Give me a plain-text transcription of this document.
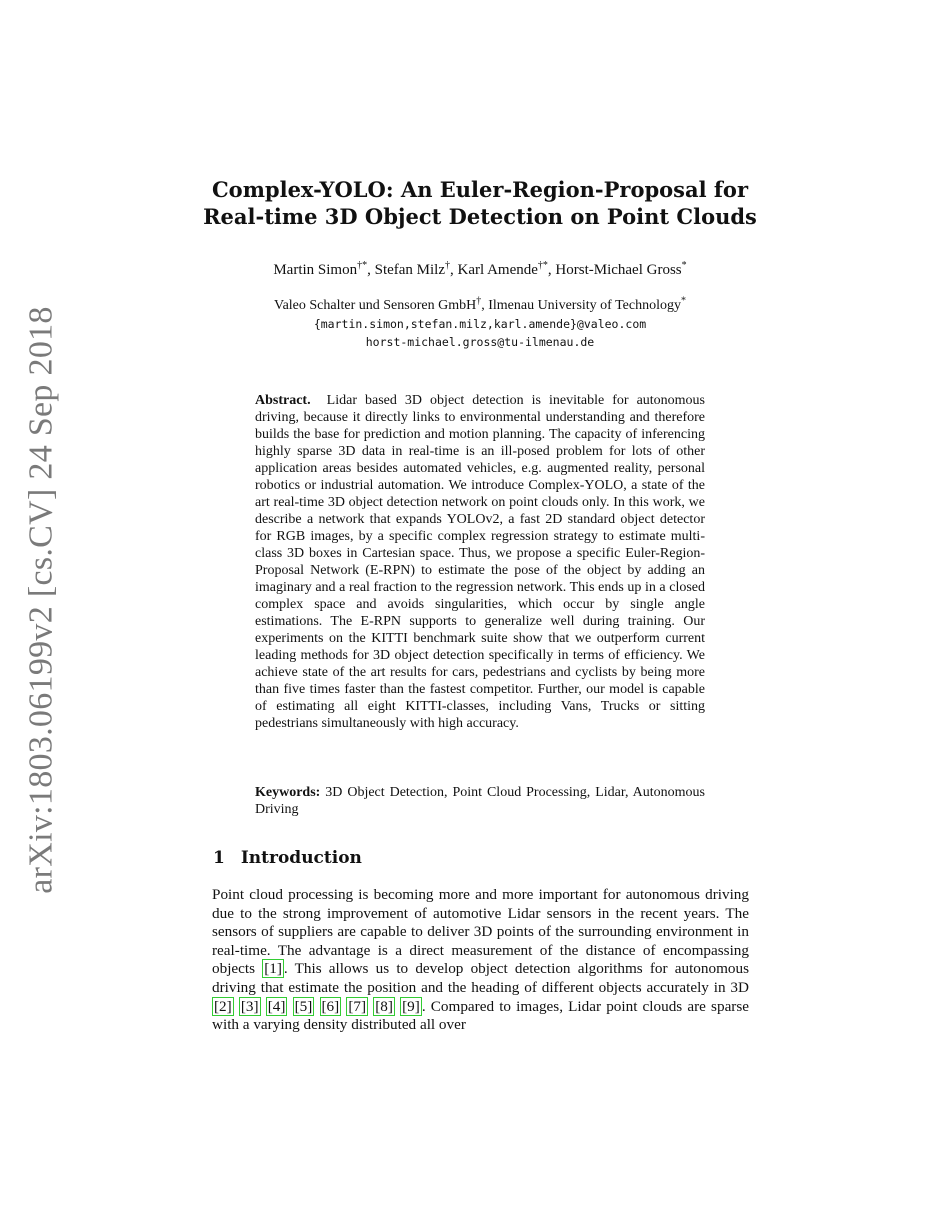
arXiv:1803.06199v2 [cs.CV] 24 Sep 2018
Complex-YOLO: An Euler-Region-Proposal for
Real-time 3D Object Detection on Point Clouds
Martin Simon†*, Stefan Milz†, Karl Amende†*, Horst-Michael Gross*
Valeo Schalter und Sensoren GmbH†, Ilmenau University of Technology*
{martin.simon,stefan.milz,karl.amende}@valeo.com
horst-michael.gross@tu-ilmenau.de

Abstract. Lidar based 3D object detection is inevitable for autonomous driving, because it directly links to environmental understanding and therefore builds the base for prediction and motion planning. The capacity of inferencing highly sparse 3D data in real-time is an ill-posed problem for lots of other application areas besides automated vehicles, e.g. augmented reality, personal robotics or industrial automation. We introduce Complex-YOLO, a state of the art real-time 3D object detection network on point clouds only. In this work, we describe a network that expands YOLOv2, a fast 2D standard object detector for RGB images, by a specific complex regression strategy to estimate multi-class 3D boxes in Cartesian space. Thus, we propose a specific Euler-Region-Proposal Network (E-RPN) to estimate the pose of the object by adding an imaginary and a real fraction to the regression network. This ends up in a closed complex space and avoids singularities, which occur by single angle estimations. The E-RPN supports to generalize well during training. Our experiments on the KITTI benchmark suite show that we outperform current leading methods for 3D object detection specifically in terms of efficiency. We achieve state of the art results for cars, pedestrians and cyclists by being more than five times faster than the fastest competitor. Further, our model is capable of estimating all eight KITTI-classes, including Vans, Trucks or sitting pedestrians simultaneously with high accuracy.

Keywords: 3D Object Detection, Point Cloud Processing, Lidar, Autonomous Driving

1 Introduction

Point cloud processing is becoming more and more important for autonomous driving due to the strong improvement of automotive Lidar sensors in the recent years. The sensors of suppliers are capable to deliver 3D points of the surrounding environment in real-time. The advantage is a direct measurement of the distance of encompassing objects [1] . This allows us to develop object detection algorithms for autonomous driving that estimate the position and the heading of different objects accurately in 3D [2] [3] [4] [5] [6] [7] [8] [9] . Compared to images, Lidar point clouds are sparse with a varying density distributed all over
